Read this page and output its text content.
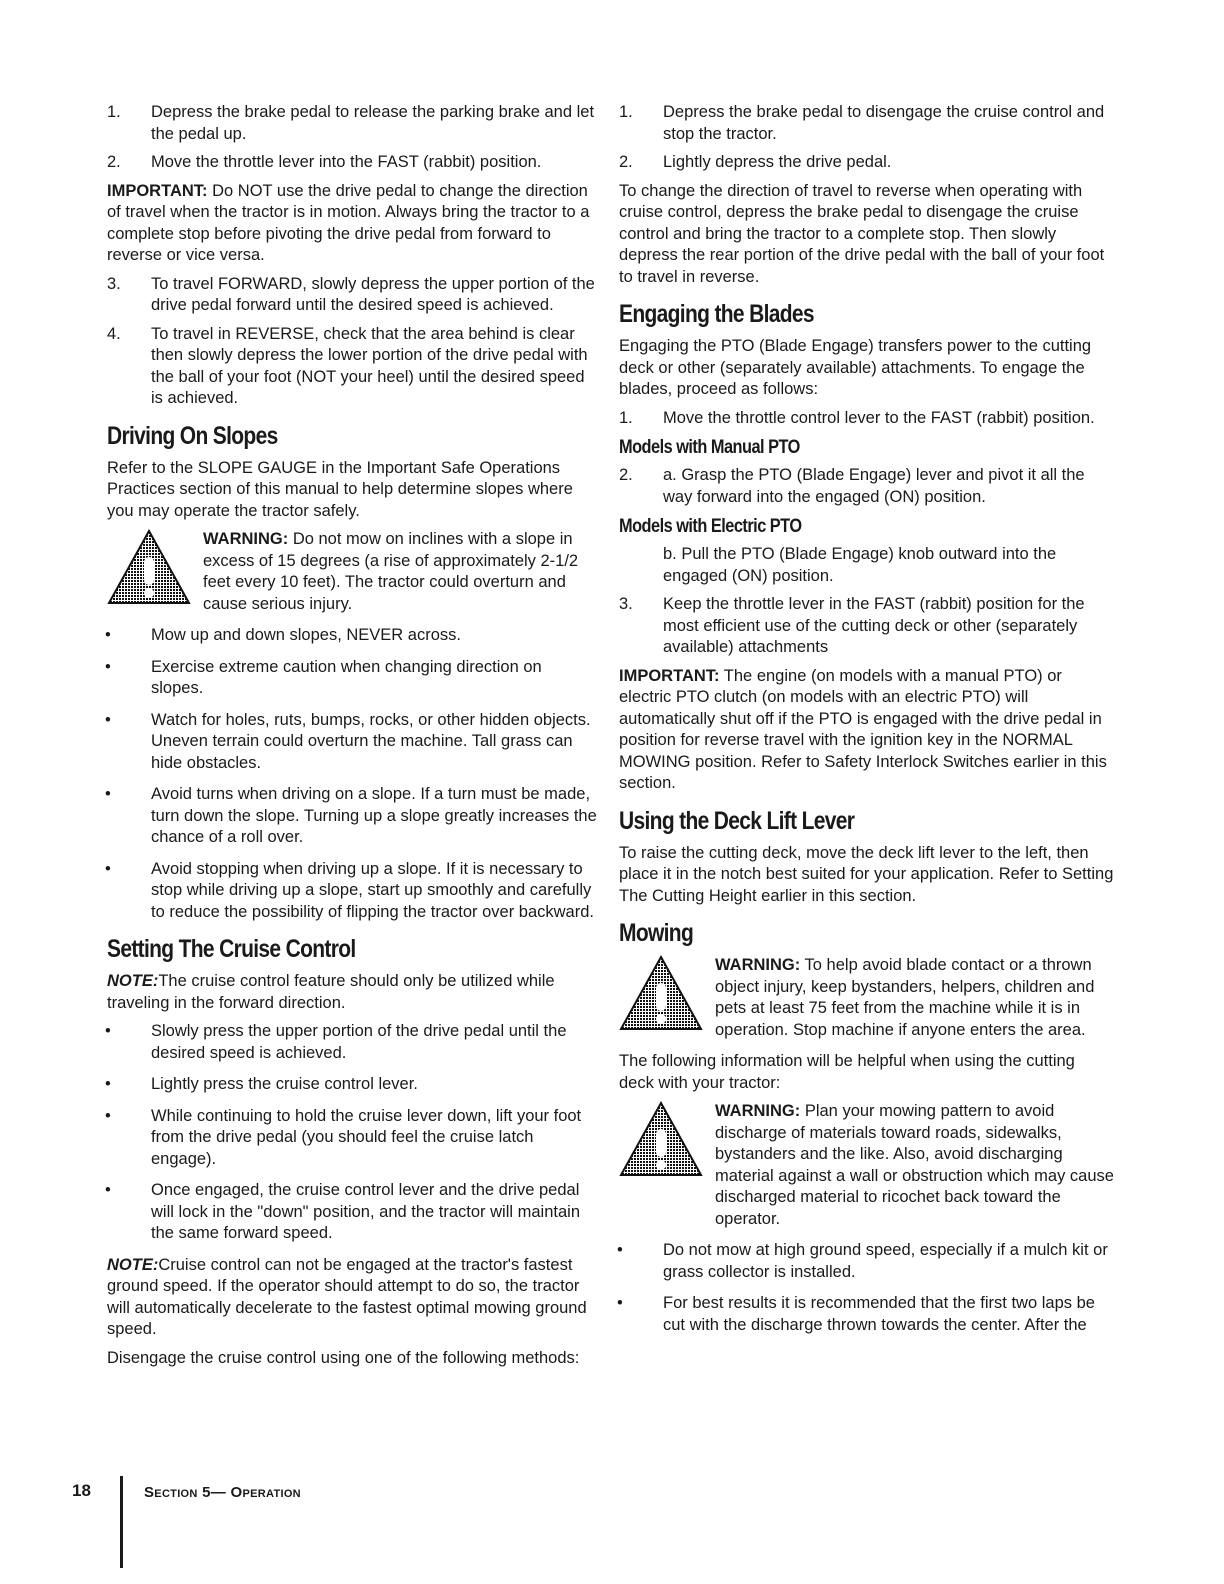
1.	Depress the brake pedal to release the parking brake and let the pedal up.
2.	Move the throttle lever into the FAST (rabbit) position.

IMPORTANT: Do NOT use the drive pedal to change the direction of travel when the tractor is in motion. Always bring the tractor to a complete stop before pivoting the drive pedal from forward to reverse or vice versa.

3.	To travel FORWARD, slowly depress the upper portion of the drive pedal forward until the desired speed is achieved.
4.	To travel in REVERSE, check that the area behind is clear then slowly depress the lower portion of the drive pedal with the ball of your foot (NOT your heel) until the desired speed is achieved.
Driving On Slopes

Refer to the SLOPE GAUGE in the Important Safe Operations Practices section of this manual to help determine slopes where you may operate the tractor safely.

WARNING: Do not mow on inclines with a slope in excess of 15 degrees (a rise of approximately 2-1/2 feet every 10 feet). The tractor could overturn and cause serious injury.
•	Mow up and down slopes, NEVER across.
•	Exercise extreme caution when changing direction on slopes.
•	Watch for holes, ruts, bumps, rocks, or other hidden objects. Uneven terrain could overturn the machine. Tall grass can hide obstacles.
•	Avoid turns when driving on a slope. If a turn must be made, turn down the slope. Turning up a slope greatly increases the chance of a roll over.
•	Avoid stopping when driving up a slope. If it is necessary to stop while driving up a slope, start up smoothly and carefully to reduce the possibility of flipping the tractor over backward.
Setting The Cruise Control

NOTE:The cruise control feature should only be utilized while traveling in the forward direction.

•	Slowly press the upper portion of the drive pedal until the desired speed is achieved.
•	Lightly press the cruise control lever.
•	While continuing to hold the cruise lever down, lift your foot from the drive pedal (you should feel the cruise latch engage).
•	Once engaged, the cruise control lever and the drive pedal will lock in the "down" position, and the tractor will maintain the same forward speed.

NOTE:Cruise control can not be engaged at the tractor's fastest ground speed. If the operator should attempt to do so, the tractor will automatically decelerate to the fastest optimal mowing ground speed.

Disengage the cruise control using one of the following methods:

1.	Depress the brake pedal to disengage the cruise control and stop the tractor.
2.	Lightly depress the drive pedal.

To change the direction of travel to reverse when operating with cruise control, depress the brake pedal to disengage the cruise control and bring the tractor to a complete stop. Then slowly depress the rear portion of the drive pedal with the ball of your foot to travel in reverse.

Engaging the Blades

Engaging the PTO (Blade Engage) transfers power to the cutting deck or other (separately available) attachments. To engage the blades, proceed as follows:

1.	Move the throttle control lever to the FAST (rabbit) position.
Models with Manual PTO
2.	a. Grasp the PTO (Blade Engage) lever and pivot it all the way forward into the engaged (ON) position.
Models with Electric PTO
b. Pull the PTO (Blade Engage) knob outward into the engaged (ON) position.
3.	Keep the throttle lever in the FAST (rabbit) position for the most efficient use of the cutting deck or other (separately available) attachments

IMPORTANT: The engine (on models with a manual PTO) or electric PTO clutch (on models with an electric PTO) will automatically shut off if the PTO is engaged with the drive pedal in position for reverse travel with the ignition key in the NORMAL MOWING position. Refer to Safety Interlock Switches earlier in this section.

Using the Deck Lift Lever

To raise the cutting deck, move the deck lift lever to the left, then place it in the notch best suited for your application. Refer to Setting The Cutting Height earlier in this section.

Mowing
WARNING: To help avoid blade contact or a thrown object injury, keep bystanders, helpers, children and pets at least 75 feet from the machine while it is in operation. Stop machine if anyone enters the area.

The following information will be helpful when using the cutting deck with your tractor:

WARNING: Plan your mowing pattern to avoid discharge of materials toward roads, sidewalks, bystanders and the like. Also, avoid discharging material against a wall or obstruction which may cause discharged material to ricochet back toward the operator.
•	Do not mow at high ground speed, especially if a mulch kit or grass collector is installed.
•	For best results it is recommended that the first two laps be cut with the discharge thrown towards the center. After the
18	Section 5— Operation
